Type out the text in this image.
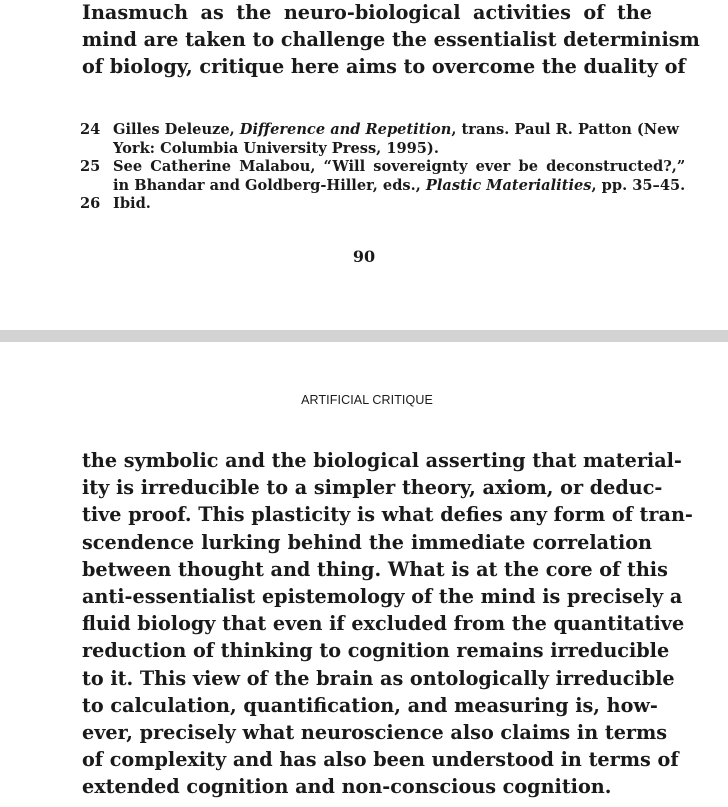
Inasmuch as the neuro-biological activities of the
mind are taken to challenge the essentialist determinism
of biology, critique here aims to overcome the duality of
24 Gilles Deleuze, Difference and Repetition, trans. Paul R. Patton (New
York: Columbia University Press, 1995).
25 See Catherine Malabou, “Will sovereignty ever be deconstructed?,”
in Bhandar and Goldberg-Hiller, eds., Plastic Materialities, pp. 35–45.
26 Ibid.
90
ARTIFICIAL CRITIQUE
the symbolic and the biological asserting that material-
ity is irreducible to a simpler theory, axiom, or deduc-
tive proof. This plasticity is what defies any form of tran-
scendence lurking behind the immediate correlation
between thought and thing. What is at the core of this
anti-essentialist epistemology of the mind is precisely a
fluid biology that even if excluded from the quantitative
reduction of thinking to cognition remains irreducible
to it. This view of the brain as ontologically irreducible
to calculation, quantification, and measuring is, how-
ever, precisely what neuroscience also claims in terms
of complexity and has also been understood in terms of
extended cognition and non-conscious cognition.
